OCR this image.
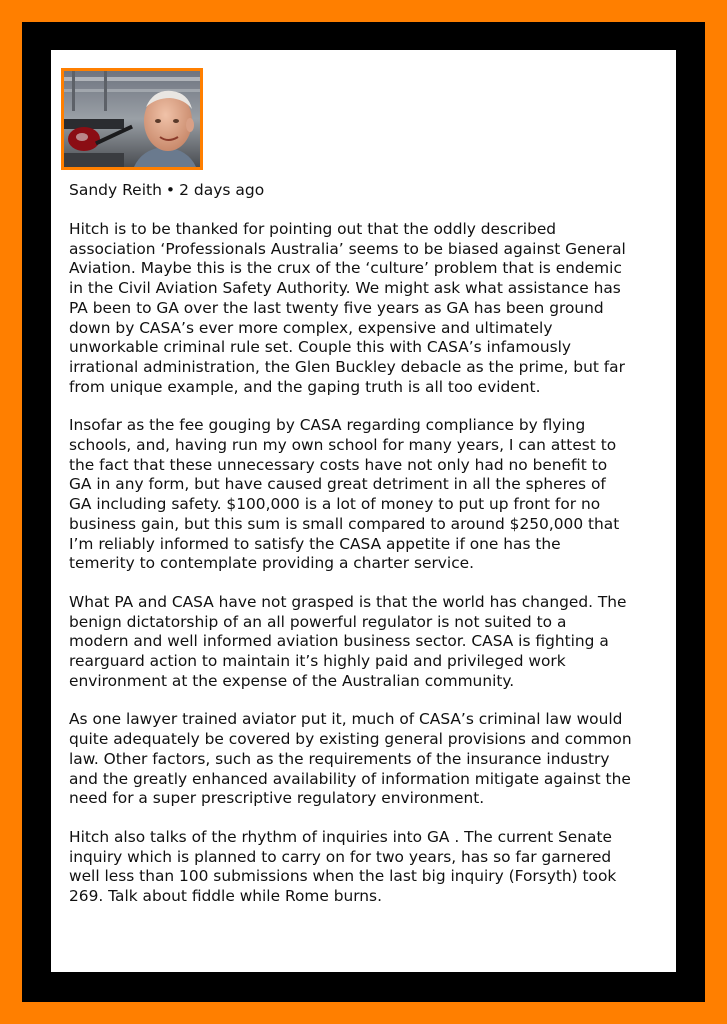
Sandy Reith • 2 days ago

Hitch is to be thanked for pointing out that the oddly described
association ‘Professionals Australia’ seems to be biased against General
Aviation. Maybe this is the crux of the ‘culture’ problem that is endemic
in the Civil Aviation Safety Authority. We might ask what assistance has
PA been to GA over the last twenty five years as GA has been ground
down by CASA’s ever more complex, expensive and ultimately
unworkable criminal rule set. Couple this with CASA’s infamously
irrational administration, the Glen Buckley debacle as the prime, but far
from unique example, and the gaping truth is all too evident.

Insofar as the fee gouging by CASA regarding compliance by flying
schools, and, having run my own school for many years, I can attest to
the fact that these unnecessary costs have not only had no benefit to
GA in any form, but have caused great detriment in all the spheres of
GA including safety. $100,000 is a lot of money to put up front for no
business gain, but this sum is small compared to around $250,000 that
I’m reliably informed to satisfy the CASA appetite if one has the
temerity to contemplate providing a charter service.

What PA and CASA have not grasped is that the world has changed. The
benign dictatorship of an all powerful regulator is not suited to a
modern and well informed aviation business sector. CASA is fighting a
rearguard action to maintain it’s highly paid and privileged work
environment at the expense of the Australian community.

As one lawyer trained aviator put it, much of CASA’s criminal law would
quite adequately be covered by existing general provisions and common
law. Other factors, such as the requirements of the insurance industry
and the greatly enhanced availability of information mitigate against the
need for a super prescriptive regulatory environment.

Hitch also talks of the rhythm of inquiries into GA . The current Senate
inquiry which is planned to carry on for two years, has so far garnered
well less than 100 submissions when the last big inquiry (Forsyth) took
269. Talk about fiddle while Rome burns.
